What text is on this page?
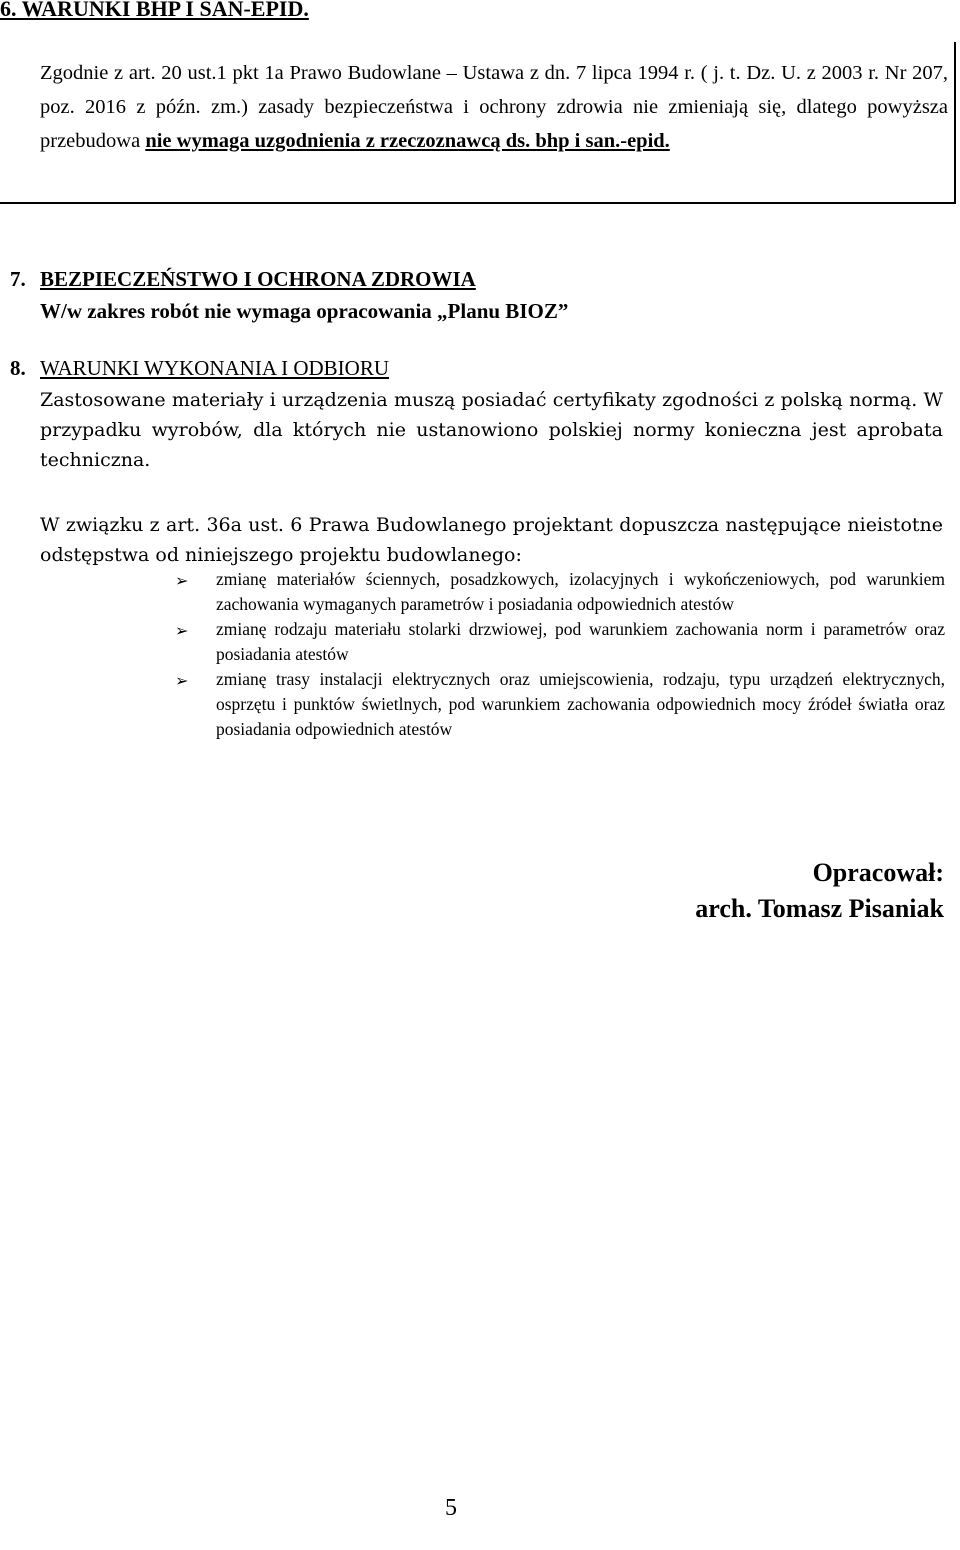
6. WARUNKI BHP I SAN-EPID.
Zgodnie z art. 20 ust.1 pkt 1a Prawo Budowlane – Ustawa z dn. 7 lipca 1994 r. ( j. t. Dz. U. z 2003 r. Nr 207, poz. 2016 z późn. zm.) zasady bezpieczeństwa i ochrony zdrowia nie zmieniają się, dlatego powyższa przebudowa nie wymaga uzgodnienia z rzeczoznawcą ds. bhp i san.-epid.
7. BEZPIECZEŃSTWO I OCHRONA ZDROWIA
W/w zakres robót nie wymaga opracowania „Planu BIOZ”
8. WARUNKI WYKONANIA I ODBIORU
Zastosowane materiały i urządzenia muszą posiadać certyfikaty zgodności z polską normą. W przypadku wyrobów, dla których nie ustanowiono polskiej normy konieczna jest aprobata techniczna.
W związku z art. 36a ust. 6 Prawa Budowlanego projektant dopuszcza następujące nieistotne odstępstwa od niniejszego projektu budowlanego:
➢ zmianę materiałów ściennych, posadzkowych, izolacyjnych i wykończeniowych, pod warunkiem zachowania wymaganych parametrów i posiadania odpowiednich atestów
➢ zmianę rodzaju materiału stolarki drzwiowej, pod warunkiem zachowania norm i parametrów oraz posiadania atestów
➢ zmianę trasy instalacji elektrycznych oraz umiejscowienia, rodzaju, typu urządzeń elektrycznych, osprzętu i punktów świetlnych, pod warunkiem zachowania odpowiednich mocy źródeł światła oraz posiadania odpowiednich atestów
Opracował:
arch. Tomasz Pisaniak
5
